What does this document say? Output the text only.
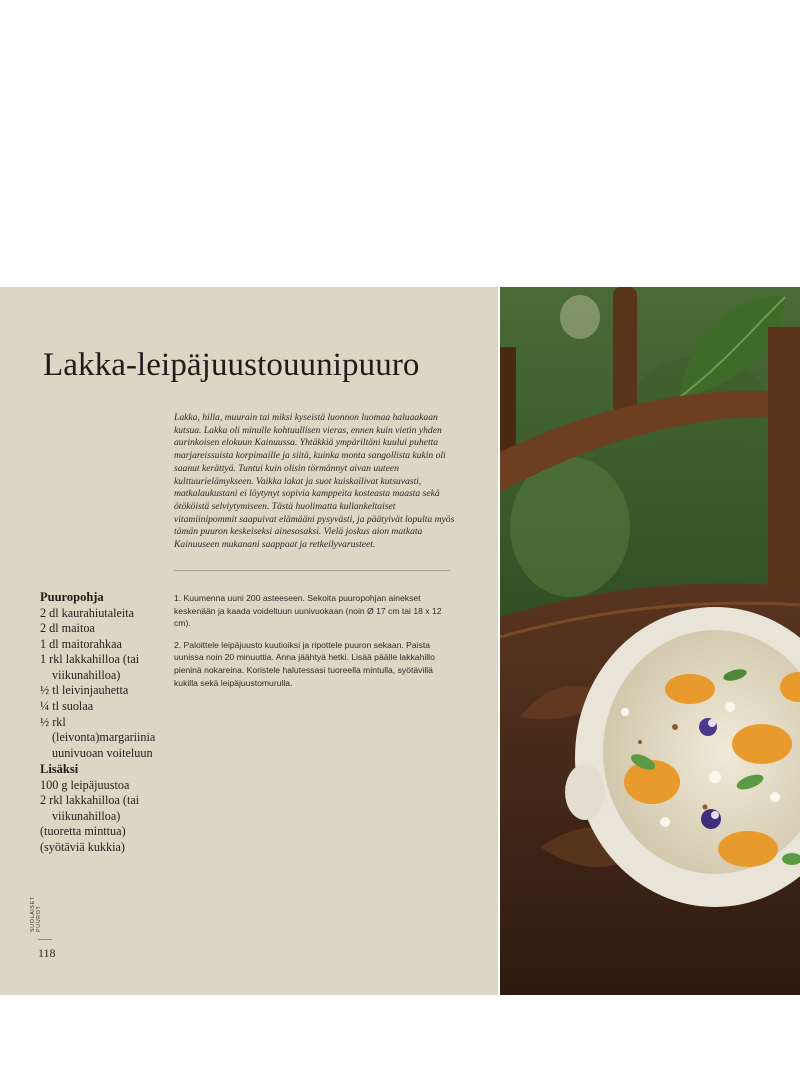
Lakka-leipäjuustouunipuuro

Lakka, hilla, muurain tai miksi kyseistä luonnon luomaa haluaakaan kutsua. Lakka oli minulle kohtuullisen vieras, ennen kuin vietin yhden aurinkoisen elokuun Kainuussa. Yhtäkkiä ympäriltäni kuului puhetta marjareissuista korpimaille ja siitä, kuinka monta sangollista kukin oli saanut kerättyä. Tuntui kuin olisin törmännyt aivan uuteen kulttuurielämykseen. Vaikka lakat ja suot kuiskailivat kutsuvasti, matkalaukustani ei löytynyt sopivia kamppeita kosteasta maasta sekä ötököistä selviytymiseen. Tästä huolimatta kullankeltaiset vitamiinipommit saapuivat elämääni pysyvästi, ja päätyivät lopulta myös tämän puuron keskeiseksi ainesosaksi. Vielä joskus aion matkata Kainuuseen mukanani saappaat ja retkeilyvarusteet.

Puuropohja
2 dl kaurahiutaleita
2 dl maitoa
1 dl maitorahkaa
1 rkl lakkahilloa (tai viikunahilloa)
½ tl leivinjauhetta
¼ tl suolaa
½ rkl (leivonta)margariinia uunivuoan voiteluun
Lisäksi
100 g leipäjuustoa
2 rkl lakkahilloa (tai viikunahilloa)
(tuoretta minttua)
(syötäviä kukkia)

1. Kuumenna uuni 200 asteeseen. Sekoita puuropohjan ainekset keskenään ja kaada voideltuun uunivuokaan (noin Ø 17 cm tai 18 x 12 cm).

2. Paloittele leipäjuusto kuutioiksi ja ripottele puuron sekaan. Paista uunissa noin 20 minuuttia. Anna jäähtyä hetki. Lisää päälle lakkahillo pieninä nokareina. Koristele halutessasi tuoreella mintulla, syötävillä kukilla sekä leipäjuustomurulla.

SUOLAISET PUUROT
118
